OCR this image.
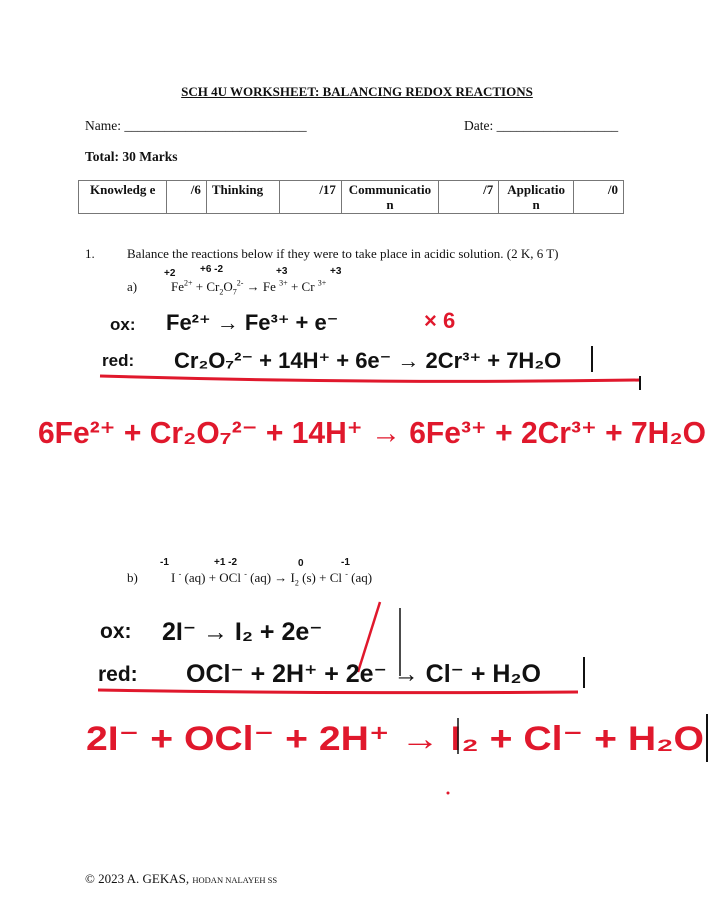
SCH 4U WORKSHEET: BALANCING REDOX REACTIONS
Name: ___________________________	Date: __________________
Total: 30 Marks
Knowledg e	/6	Thinking	/17	Communicatio n	/7	Applicatio n	/0
1. Balance the reactions below if they were to take place in acidic solution. (2 K, 6 T)
a)	$Fe^{2+} + Cr_2O_7^{2-} \to Fe$ $^{3+}$ + Cr $^{3+}$
b)	I - (aq) + OCl - $(aq) \to I_2$ (s) + Cl - (aq)
+2 +6 -2	+3	+3
ox: Fe²⁺ → Fe³⁺ + e⁻	× 6
red: Cr₂O₇²⁻ + 14H⁺ + 6e⁻ → 2Cr³⁺ + 7H₂O
6Fe²⁺ + Cr₂O₇²⁻ + 14H⁺ → 6Fe³⁺ + 2Cr³⁺ + 7H₂O
-1	+1 -2	0	-1
ox: 2I⁻ → I₂ + 2e⁻
red: OCl⁻ + 2H⁺ + 2e⁻ → Cl⁻ + H₂O
2I⁻ + OCl⁻ + 2H⁺ → I₂ + Cl⁻ + H₂O
© 2023 A. GEKAS, HODAN NALAYEH SS
